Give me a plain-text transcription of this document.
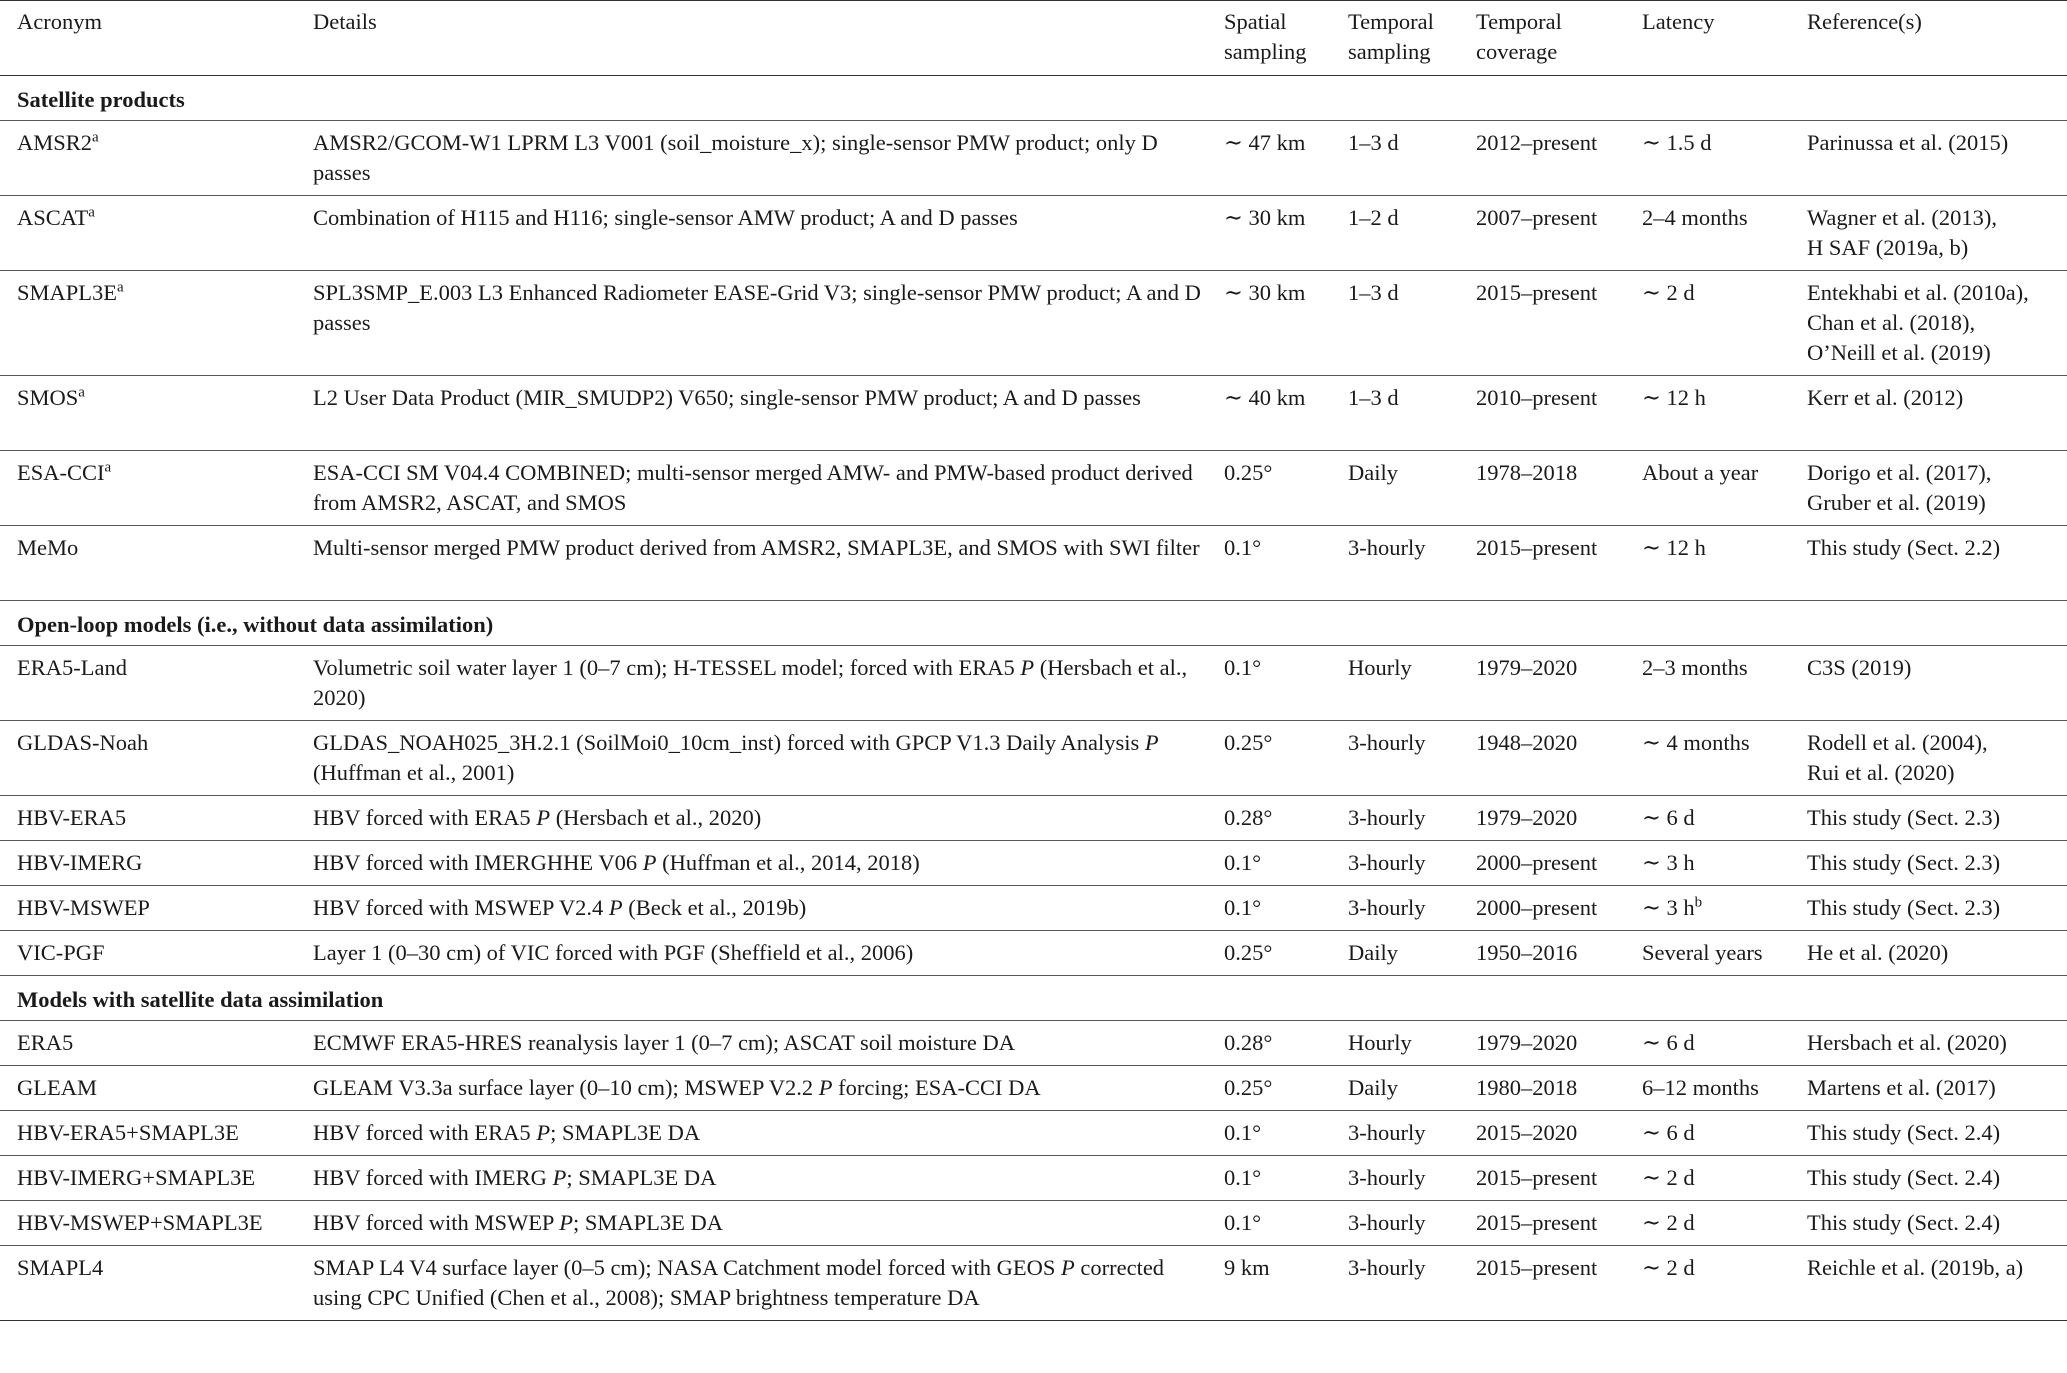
Acronym	Details	Spatial sampling	Temporal sampling	Temporal coverage	Latency	Reference(s)
Satellite products						
AMSR2$^a$	AMSR2/GCOM-W1 LPRM L3 V001 (soil_moisture_x); single-sensor PMW product; only D passes	∼ 47 km	1–3 d	2012–present	∼ 1.5 d	Parinussa et al. (2015)
ASCAT$^a$	Combination of H115 and H116; single-sensor AMW product; A and D passes	∼ 30 km	1–2 d	2007–present	2–4 months	Wagner et al. (2013),
H SAF (2019a, b)
$SMAPL3E^a$	SPL3SMP_E.003 L3 Enhanced Radiometer EASE-Grid V3; single-sensor PMW product; A and D passes	∼ 30 km	1–3 d	2015–present	∼ 2 d	Entekhabi et al. (2010a),
Chan et al. (2018),
O’Neill et al. (2019)
SMOS$^a$	L2 User Data Product (MIR_SMUDP2) V650; single-sensor PMW product; A and D passes	∼ 40 km	1–3 d	2010–present	∼ 12 h	Kerr et al. (2012)
ESA-CCI$^a$	ESA-CCI SM V04.4 COMBINED; multi-sensor merged AMW- and PMW-based product derived from AMSR2, ASCAT, and SMOS	0.25°	Daily	1978–2018	About a year	Dorigo et al. (2017),
Gruber et al. (2019)
MeMo	Multi-sensor merged PMW product derived from AMSR2, SMAPL3E, and SMOS with SWI filter	0.1°	3-hourly	2015–present	∼ 12 h	This study (Sect. 2.2)
Open-loop models (i.e., without data assimilation)						
ERA5-Land	Volumetric soil water layer 1 (0–7 cm); H-TESSEL model; forced with ERA5 P (Hersbach et al., 2020)	0.1°	Hourly	1979–2020	2–3 months	C3S (2019)
GLDAS-Noah	GLDAS_NOAH025_3H.2.1 (SoilMoi0_10cm_inst) forced with GPCP V1.3 Daily Analysis P (Huffman et al., 2001)	0.25°	3-hourly	1948–2020	∼ 4 months	Rodell et al. (2004),
Rui et al. (2020)
HBV-ERA5	HBV forced with ERA5 P (Hersbach et al., 2020)	0.28°	3-hourly	1979–2020	∼ 6 d	This study (Sect. 2.3)
HBV-IMERG	HBV forced with IMERGHHE V06 P (Huffman et al., 2014, 2018)	0.1°	3-hourly	2000–present	∼ 3 h	This study (Sect. 2.3)
HBV-MSWEP	HBV forced with MSWEP V2.4 P (Beck et al., 2019b)	0.1°	3-hourly	2000–present	∼ 3 $h^b$	This study (Sect. 2.3)
VIC-PGF	Layer 1 (0–30 cm) of VIC forced with PGF (Sheffield et al., 2006)	0.25°	Daily	1950–2016	Several years	He et al. (2020)
Models with satellite data assimilation						
ERA5	ECMWF ERA5-HRES reanalysis layer 1 (0–7 cm); ASCAT soil moisture DA	0.28°	Hourly	1979–2020	∼ 6 d	Hersbach et al. (2020)
GLEAM	GLEAM V3.3a surface layer (0–10 cm); MSWEP V2.2 P forcing; ESA-CCI DA	0.25°	Daily	1980–2018	6–12 months	Martens et al. (2017)
HBV-ERA5+SMAPL3E	HBV forced with ERA5 P; SMAPL3E DA	0.1°	3-hourly	2015–2020	∼ 6 d	This study (Sect. 2.4)
HBV-IMERG+SMAPL3E	HBV forced with IMERG P; SMAPL3E DA	0.1°	3-hourly	2015–present	∼ 2 d	This study (Sect. 2.4)
HBV-MSWEP+SMAPL3E	HBV forced with MSWEP P; SMAPL3E DA	0.1°	3-hourly	2015–present	∼ 2 d	This study (Sect. 2.4)
SMAPL4	SMAP L4 V4 surface layer (0–5 cm); NASA Catchment model forced with GEOS P corrected using CPC Unified (Chen et al., 2008); SMAP brightness temperature DA	9 km	3-hourly	2015–present	∼ 2 d	Reichle et al. (2019b, a)
